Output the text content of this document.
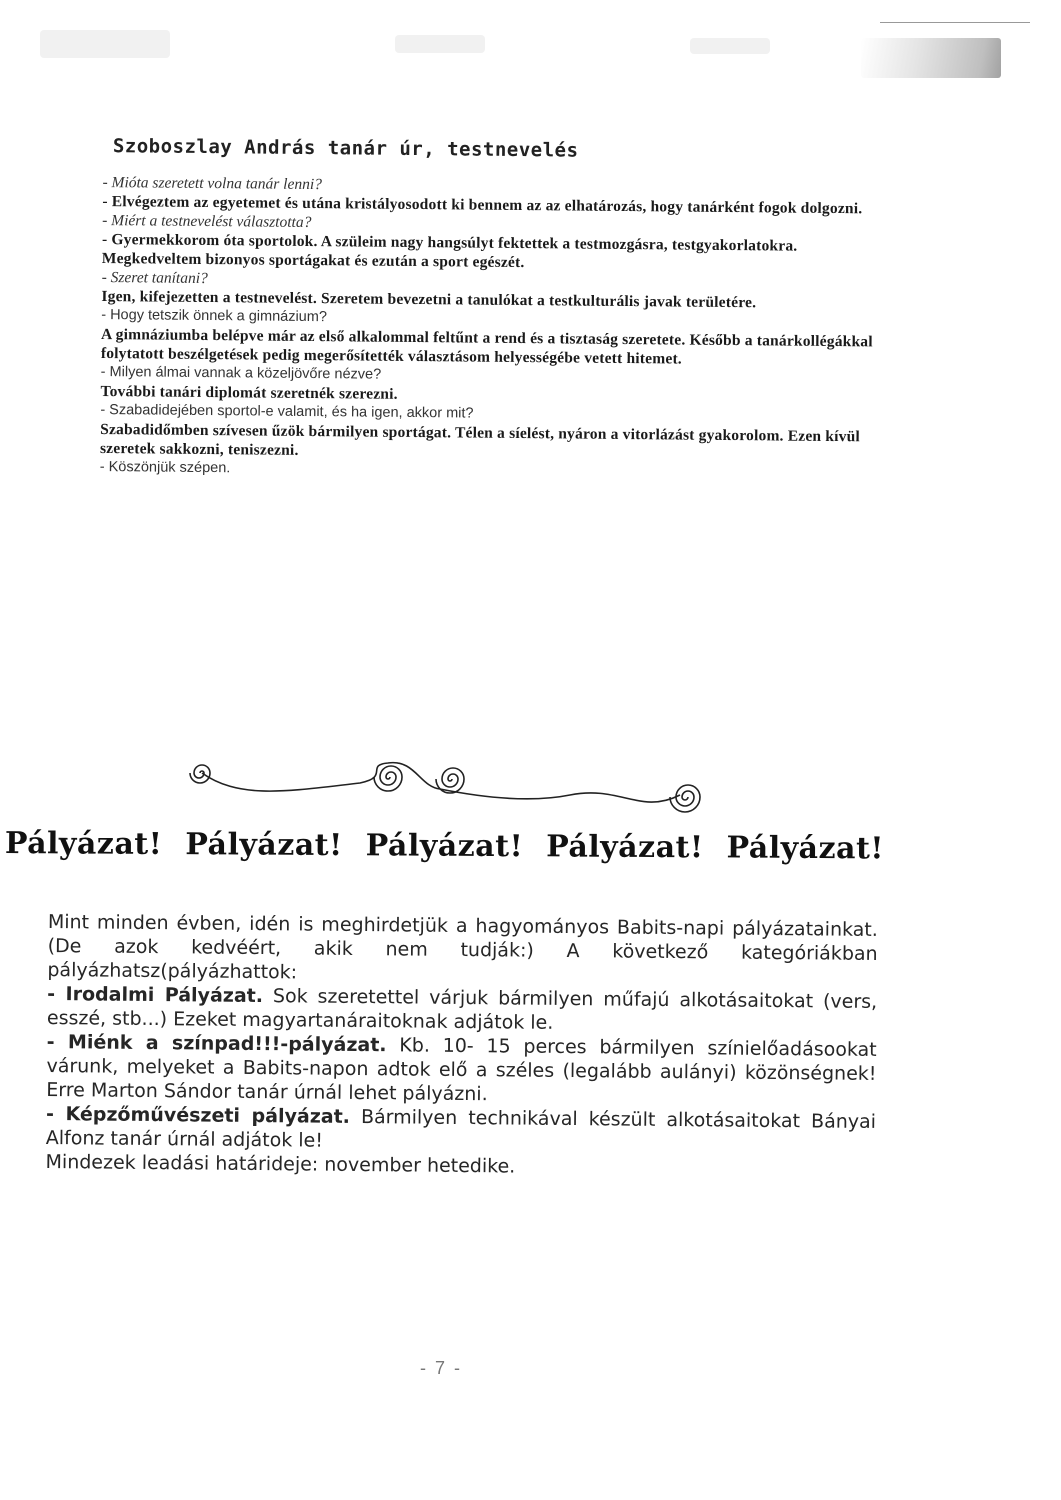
Szoboszlay András tanár úr, testnevelés

- Mióta szeretett volna tanár lenni?

- Elvégeztem az egyetemet és utána kristályosodott ki bennem az az elhatározás, hogy tanárként fogok dolgozni.

- Miért a testnevelést választotta?

- Gyermekkorom óta sportolok. A szüleim nagy hangsúlyt fektettek a testmozgásra, testgyakorlatokra. Megkedveltem bizonyos sportágakat és ezután a sport egészét.

- Szeret tanítani?

Igen, kifejezetten a testnevelést. Szeretem bevezetni a tanulókat a testkulturális javak területére.

- Hogy tetszik önnek a gimnázium?

A gimnáziumba belépve már az első alkalommal feltűnt a rend és a tisztaság szeretete. Később a tanárkollégákkal folytatott beszélgetések pedig megerősítették választásom helyességébe vetett hitemet.

- Milyen álmai vannak a közeljövőre nézve?

További tanári diplomát szeretnék szerezni.

- Szabadidejében sportol-e valamit, és ha igen, akkor mit?

Szabadidőmben szívesen űzök bármilyen sportágat. Télen a síelést, nyáron a vitorlázást gyakorolom. Ezen kívül szeretek sakkozni, teniszezni.

- Köszönjük szépen.

Pályázat! Pályázat! Pályázat! Pályázat! Pályázat!

Mint minden évben, idén is meghirdetjük a hagyományos Babits-napi pályázatainkat. (De azok kedvéért, akik nem tudják:) A következő kategóriákban pályázhatsz(pályázhattok:

- Irodalmi Pályázat. Sok szeretettel várjuk bármilyen műfajú alkotásaitokat (vers, esszé, stb...) Ezeket magyartanáraitoknak adjátok le.

- Miénk a színpad!!!-pályázat. Kb. 10- 15 perces bármilyen színielőadásookat várunk, melyeket a Babits-napon adtok elő a széles (legalább aulányi) közönségnek! Erre Marton Sándor tanár úrnál lehet pályázni.

- Képzőművészeti pályázat. Bármilyen technikával készült alkotásaitokat Bányai Alfonz tanár úrnál adjátok le!

Mindezek leadási határideje: november hetedike.

- 7 -
